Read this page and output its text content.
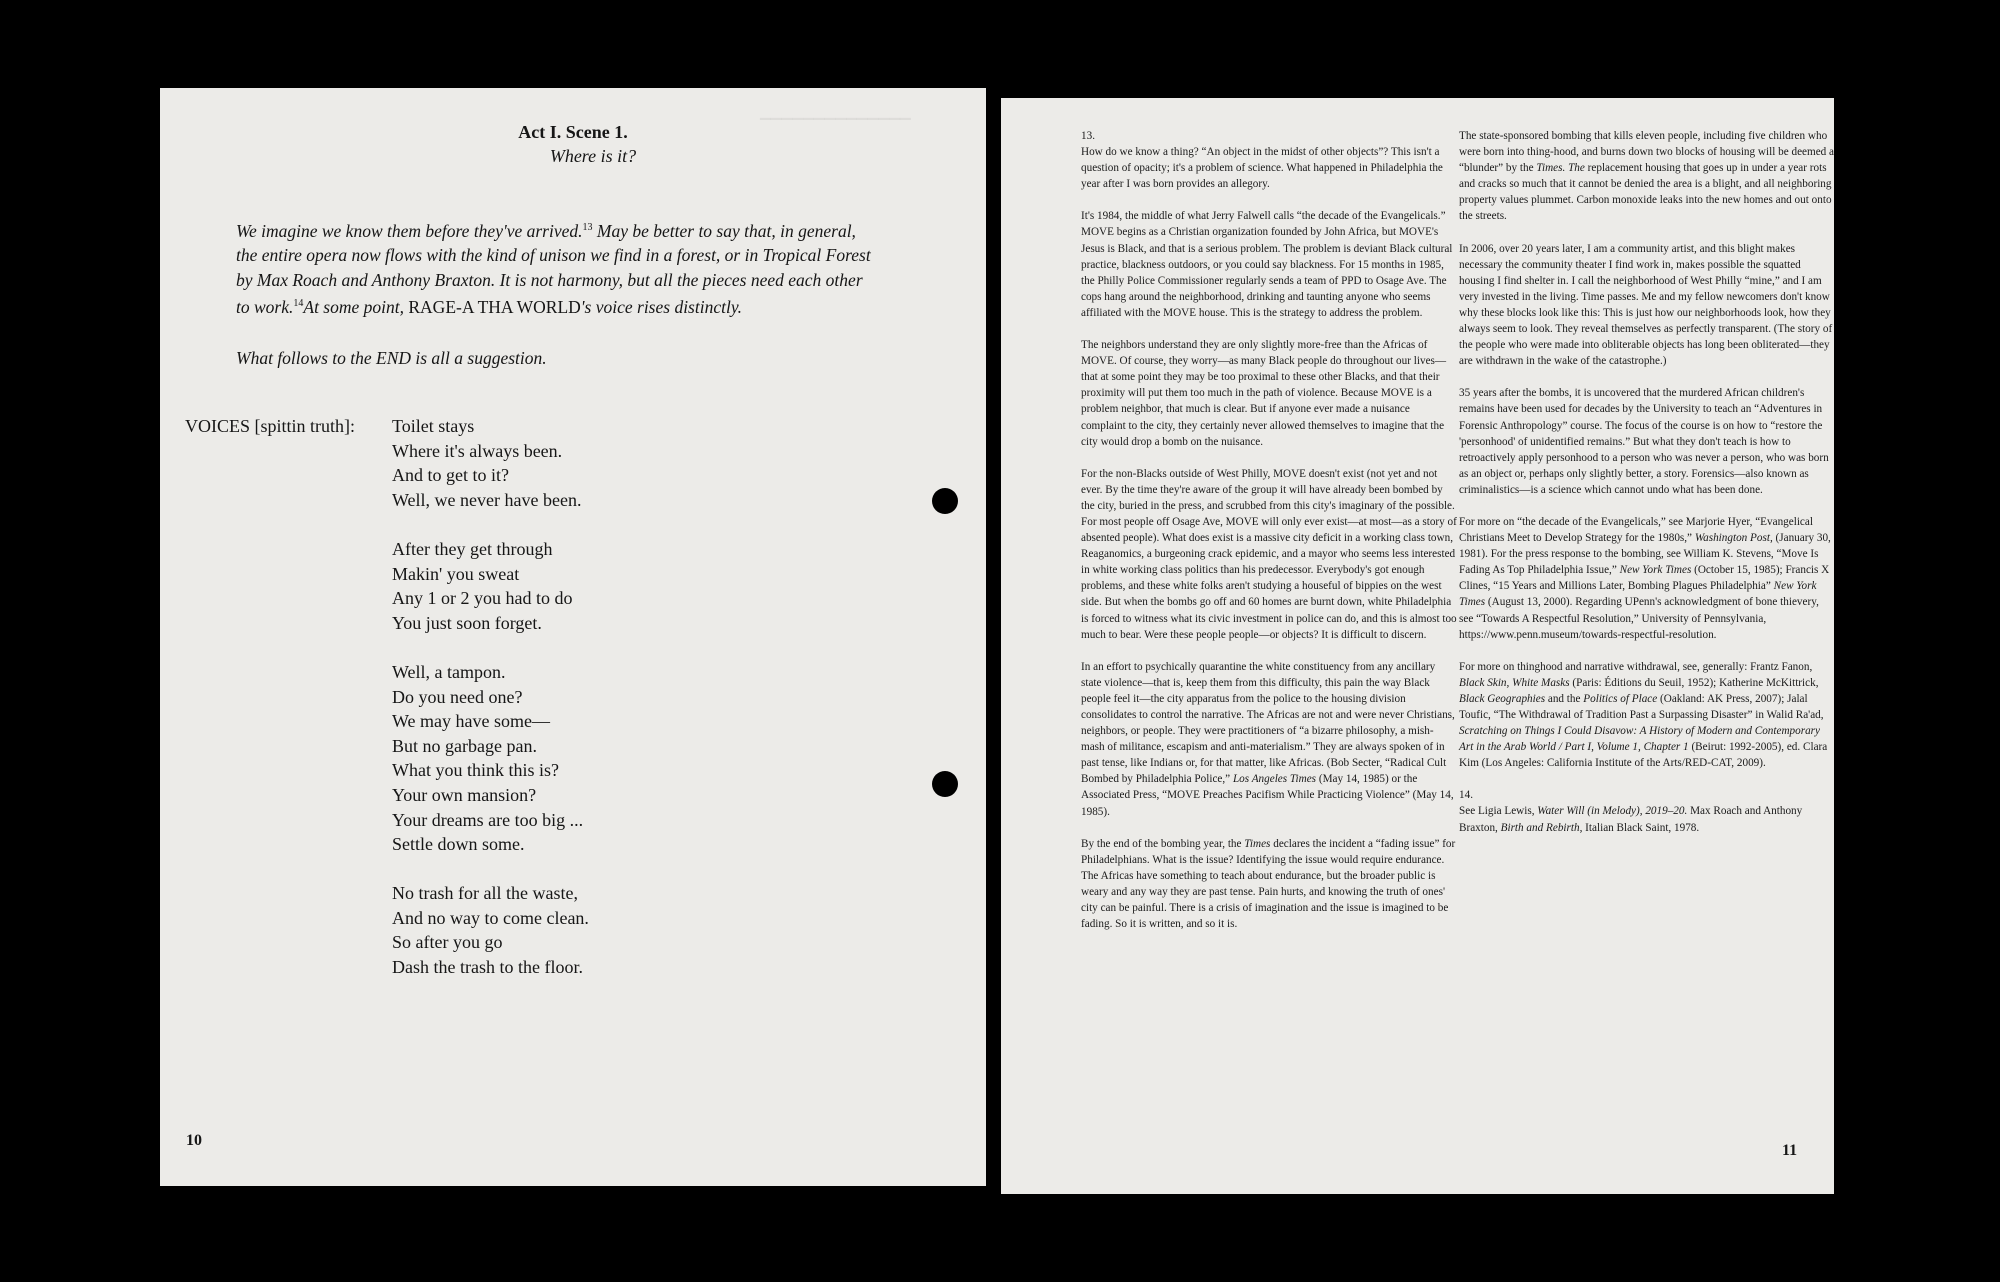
▔▔▔▔▔▔▔▔▔▔▔▔▔▔
Act I. Scene 1.
Where is it?

We imagine we know them before they've arrived.$^{13}$ May be better to say that, in general, the entire opera now flows with the kind of unison we find in a forest, or in Tropical Forest by Max Roach and Anthony Braxton. It is not harmony, but all the pieces need each other to work.$^{14}$At some point, RAGE-A THA WORLD's voice rises distinctly.

What follows to the END is all a suggestion.

VOICES [spittin truth]: Toilet stays
Where it's always been.
And to get to it?
Well, we never have been.
After they get through
Makin' you sweat
Any 1 or 2 you had to do
You just soon forget.
Well, a tampon.
Do you need one?
We may have some—
But no garbage pan.
What you think this is?
Your own mansion?
Your dreams are too big ...
Settle down some.
No trash for all the waste,
And no way to come clean.
So after you go
Dash the trash to the floor.
10

13.
How do we know a thing? “An object in the midst of other objects”? This isn't a question of opacity; it's a problem of science. What happened in Philadelphia the year after I was born provides an allegory.

It's 1984, the middle of what Jerry Falwell calls “the decade of the Evangelicals.” MOVE begins as a Christian organization founded by John Africa, but MOVE's Jesus is Black, and that is a serious problem. The problem is deviant Black cultural practice, blackness outdoors, or you could say blackness. For 15 months in 1985, the Philly Police Commissioner regularly sends a team of PPD to Osage Ave. The cops hang around the neighborhood, drinking and taunting anyone who seems affiliated with the MOVE house. This is the strategy to address the problem.

The neighbors understand they are only slightly more-free than the Africas of MOVE. Of course, they worry—as many Black people do throughout our lives—that at some point they may be too proximal to these other Blacks, and that their proximity will put them too much in the path of violence. Because MOVE is a problem neighbor, that much is clear. But if anyone ever made a nuisance complaint to the city, they certainly never allowed themselves to imagine that the city would drop a bomb on the nuisance.

For the non-Blacks outside of West Philly, MOVE doesn't exist (not yet and not ever. By the time they're aware of the group it will have already been bombed by the city, buried in the press, and scrubbed from this city's imaginary of the possible. For most people off Osage Ave, MOVE will only ever exist—at most—as a story of absented people). What does exist is a massive city deficit in a working class town, Reaganomics, a burgeoning crack epidemic, and a mayor who seems less interested in white working class politics than his predecessor. Everybody's got enough problems, and these white folks aren't studying a houseful of bippies on the west side. But when the bombs go off and 60 homes are burnt down, white Philadelphia is forced to witness what its civic investment in police can do, and this is almost too much to bear. Were these people people—or objects? It is difficult to discern.

In an effort to psychically quarantine the white constituency from any ancillary state violence—that is, keep them from this difficulty, this pain the way Black people feel it—the city apparatus from the police to the housing division consolidates to control the narrative. The Africas are not and were never Christians, neighbors, or people. They were practitioners of “a bizarre philosophy, a mish-mash of militance, escapism and anti-materialism.” They are always spoken of in past tense, like Indians or, for that matter, like Africas. (Bob Secter, “Radical Cult Bombed by Philadelphia Police,” Los Angeles Times (May 14, 1985) or the Associated Press, “MOVE Preaches Pacifism While Practicing Violence” (May 14, 1985).

By the end of the bombing year, the Times declares the incident a “fading issue” for Philadelphians. What is the issue? Identifying the issue would require endurance. The Africas have something to teach about endurance, but the broader public is weary and any way they are past tense. Pain hurts, and knowing the truth of ones' city can be painful. There is a crisis of imagination and the issue is imagined to be fading. So it is written, and so it is.

The state-sponsored bombing that kills eleven people, including five children who were born into thing-hood, and burns down two blocks of housing will be deemed a “blunder” by the Times. The replacement housing that goes up in under a year rots and cracks so much that it cannot be denied the area is a blight, and all neighboring property values plummet. Carbon monoxide leaks into the new homes and out onto the streets.

In 2006, over 20 years later, I am a community artist, and this blight makes necessary the community theater I find work in, makes possible the squatted housing I find shelter in. I call the neighborhood of West Philly “mine,” and I am very invested in the living. Time passes. Me and my fellow newcomers don't know why these blocks look like this: This is just how our neighborhoods look, how they always seem to look. They reveal themselves as perfectly transparent. (The story of the people who were made into obliterable objects has long been obliterated—they are withdrawn in the wake of the catastrophe.)

35 years after the bombs, it is uncovered that the murdered African children's remains have been used for decades by the University to teach an “Adventures in Forensic Anthropology” course. The focus of the course is on how to “restore the 'personhood' of unidentified remains.” But what they don't teach is how to retroactively apply personhood to a person who was never a person, who was born as an object or, perhaps only slightly better, a story. Forensics—also known as criminalistics—is a science which cannot undo what has been done.

For more on “the decade of the Evangelicals,” see Marjorie Hyer, “Evangelical Christians Meet to Develop Strategy for the 1980s,” Washington Post, (January 30, 1981). For the press response to the bombing, see William K. Stevens, “Move Is Fading As Top Philadelphia Issue,” New York Times (October 15, 1985); Francis X Clines, “15 Years and Millions Later, Bombing Plagues Philadelphia” New York Times (August 13, 2000). Regarding UPenn's acknowledgment of bone thievery, see “Towards A Respectful Resolution,” University of Pennsylvania, https://www.penn.museum/towards-respectful-resolution.

For more on thinghood and narrative withdrawal, see, generally: Frantz Fanon, Black Skin, White Masks (Paris: Éditions du Seuil, 1952); Katherine McKittrick, Black Geographies and the Politics of Place (Oakland: AK Press, 2007); Jalal Toufic, “The Withdrawal of Tradition Past a Surpassing Disaster” in Walid Ra'ad, Scratching on Things I Could Disavow: A History of Modern and Contemporary Art in the Arab World / Part I, Volume 1, Chapter 1 (Beirut: 1992-2005), ed. Clara Kim (Los Angeles: California Institute of the Arts/RED-CAT, 2009).

14.
See Ligia Lewis, Water Will (in Melody), 2019–20. Max Roach and Anthony Braxton, Birth and Rebirth, Italian Black Saint, 1978.

11
